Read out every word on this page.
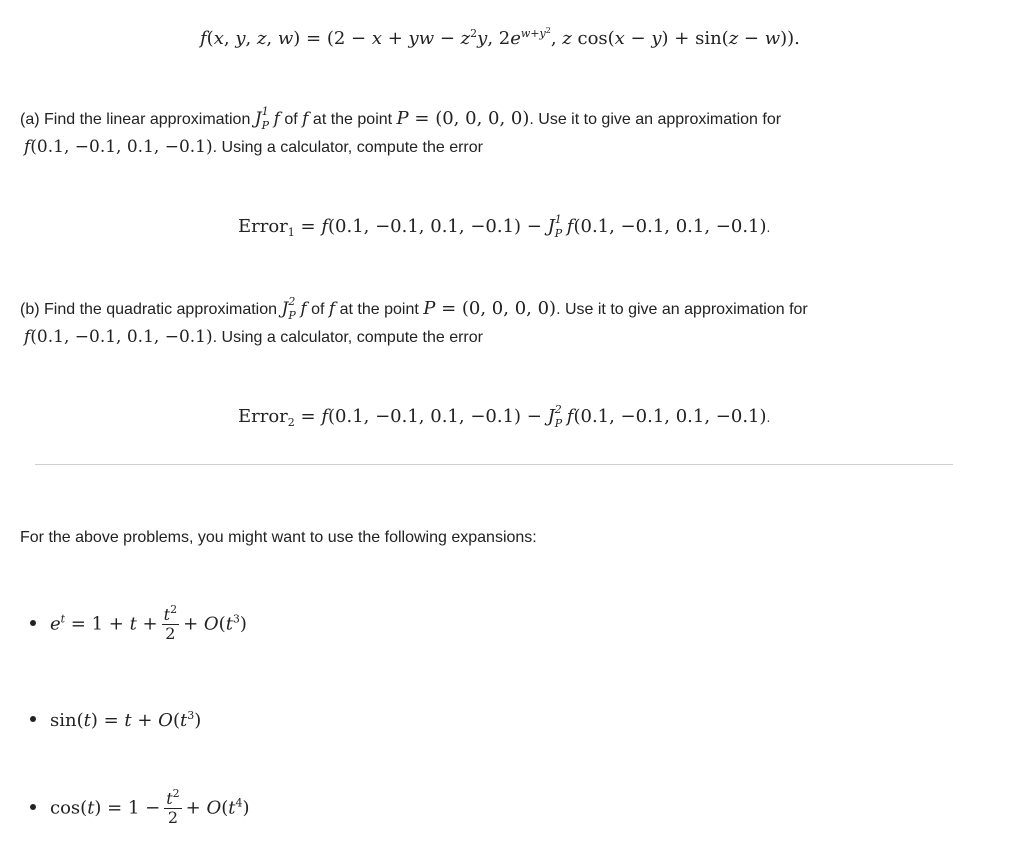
f(x, y, z, w) = (2 − x + yw − $z^2y$, $2e^{w+y^2}$, z cos(x − y) + sin(z − w)).
(a) Find the linear approximation J 1
P f of f at the point P = (0, 0, 0, 0). Use it to give an approximation for
f(0.1, −0.1, 0.1, −0.1). Using a calculator, compute the error
Error$_1$ = f(0.1, −0.1, 0.1, −0.1) − J 1
P f(0.1, −0.1, 0.1, −0.1).
(b) Find the quadratic approximation J 2
P f of f at the point P = (0, 0, 0, 0). Use it to give an approximation for
f(0.1, −0.1, 0.1, −0.1). Using a calculator, compute the error
Error$_2$ = f(0.1, −0.1, 0.1, −0.1) − J 2
P f(0.1, −0.1, 0.1, −0.1).
For the above problems, you might want to use the following expansions:
$e^t = 1 + t + \frac{t^2}{2} + O(t^3)$
$\sin(t) = t + O(t^3)$
$\cos(t) = 1 - \frac{t^2}{2} + O(t^4)$
